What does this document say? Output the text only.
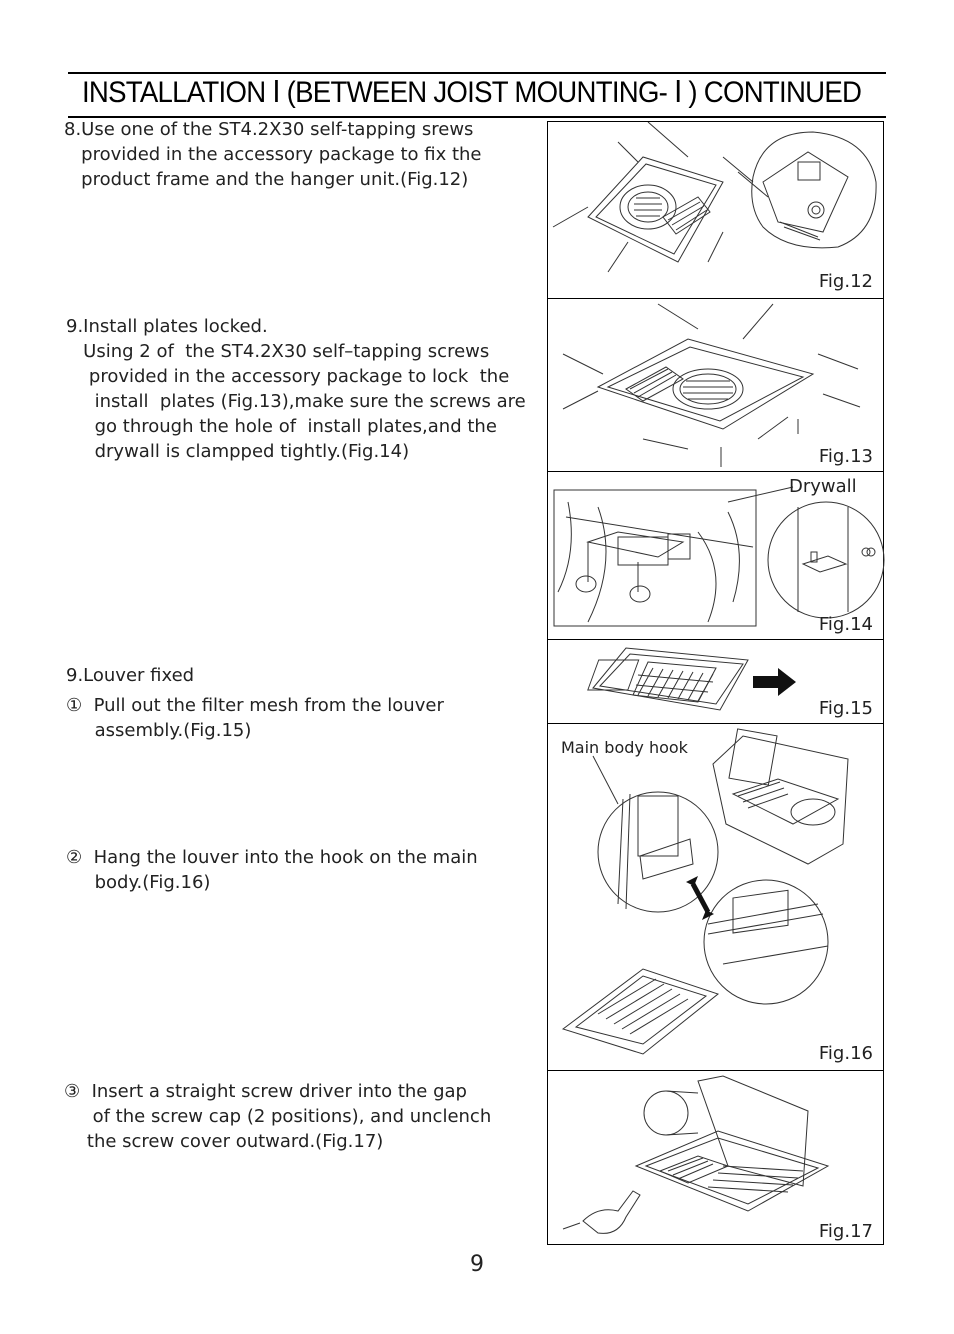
INSTALLATION Ⅰ (BETWEEN JOIST MOUNTING- Ⅰ ) CONTINUED
8.Use one of the ST4.2X30 self-tapping srews
provided in the accessory package to fix the
product frame and the hanger unit.(Fig.12)
9.Install plates locked.
Using 2 of  the ST4.2X30 self–tapping screws
provided in the accessory package to lock  the
install  plates (Fig.13),make sure the screws are
go through the hole of  install plates,and the
drywall is clampped tightly.(Fig.14)
9.Louver fixed
①  Pull out the filter mesh from the louver
assembly.(Fig.15)
②  Hang the louver into the hook on the main
body.(Fig.16)
③  Insert a straight screw driver into the gap
of the screw cap (2 positions), and unclench
the screw cover outward.(Fig.17)
Fig.12
Fig.13
Drywall
Fig.14
Fig.15
Main body hook
Fig.16
Fig.17
9
